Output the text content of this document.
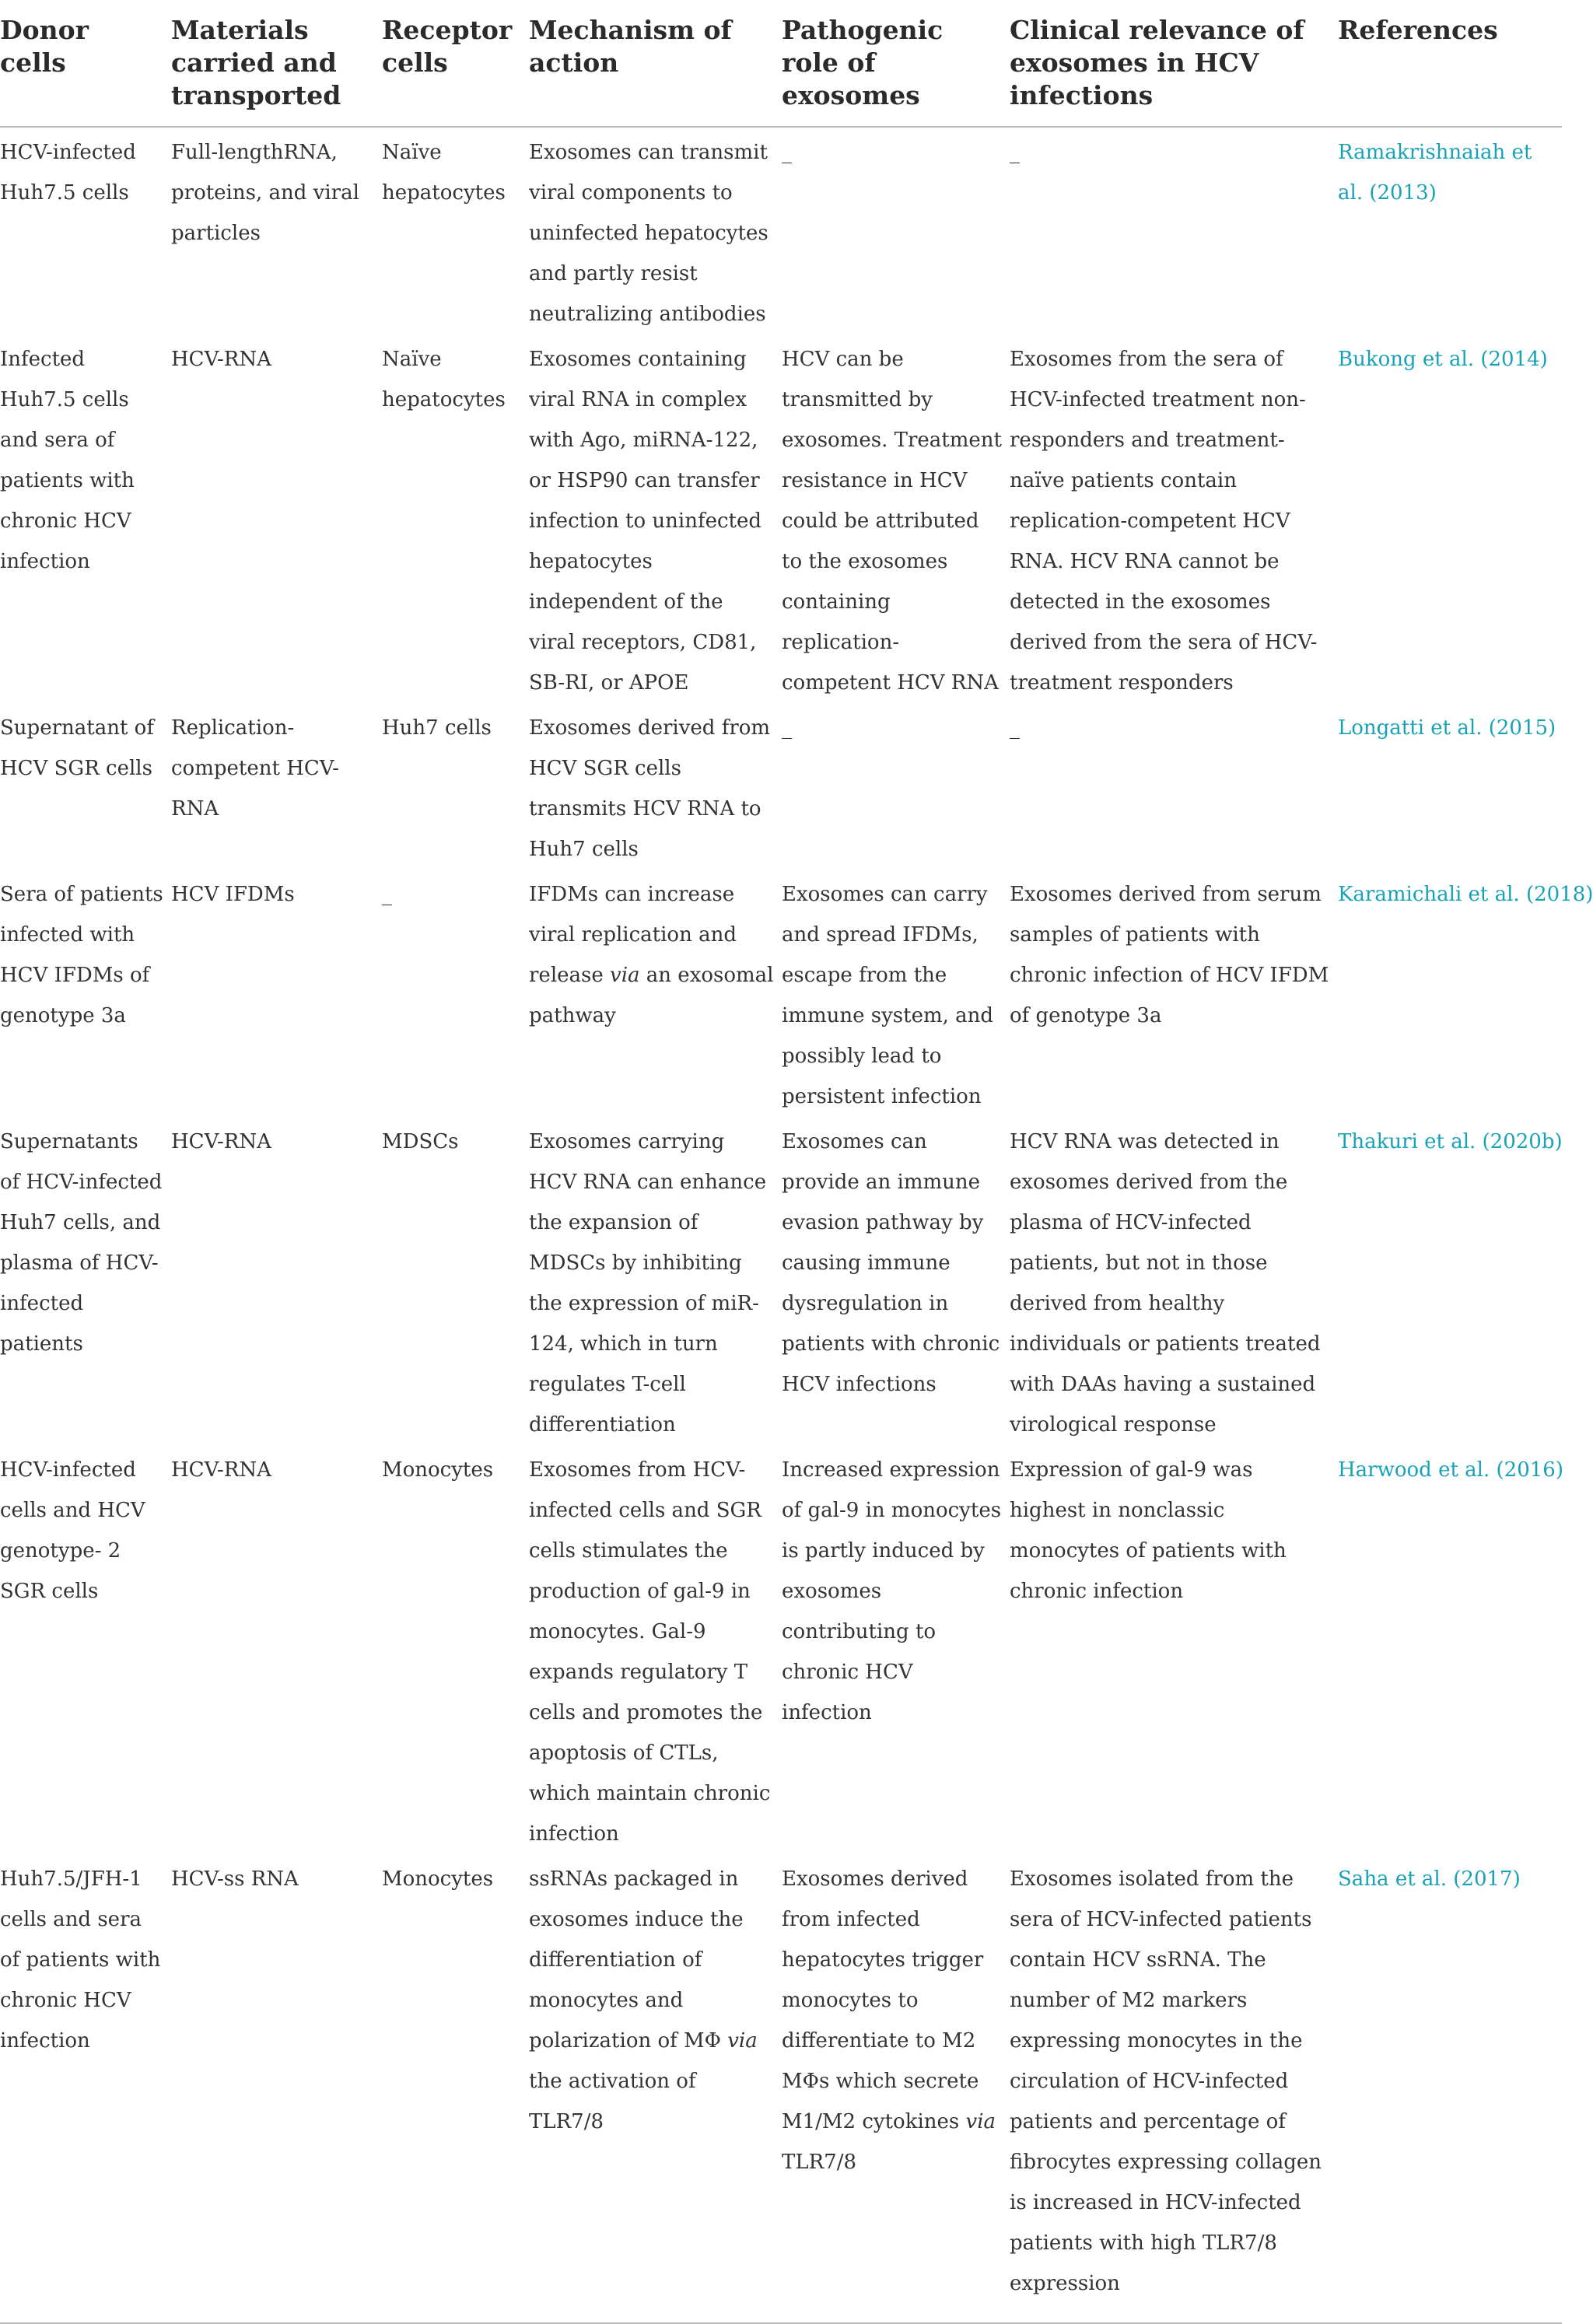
Donor cells	Materials carried and transported	Receptor cells	Mechanism of action	Pathogenic role of exosomes	Clinical relevance of exosomes in HCV infections	References
HCV-infected Huh7.5 cells	Full-lengthRNA, proteins, and viral particles	Naïve hepatocytes	Exosomes can transmit viral components to uninfected hepatocytes and partly resist neutralizing antibodies	_	_	Ramakrishnaiah et al. (2013)
Infected Huh7.5 cells and sera of patients with chronic HCV infection	HCV-RNA	Naïve hepatocytes	Exosomes containing viral RNA in complex with Ago, miRNA-122, or HSP90 can transfer infection to uninfected hepatocytes independent of the viral receptors, CD81, SB-RI, or APOE	HCV can be transmitted by exosomes. Treatment resistance in HCV could be attributed to the exosomes containing replication-competent HCV RNA	Exosomes from the sera of HCV-infected treatment non-responders and treatment-naïve patients contain replication-competent HCV RNA. HCV RNA cannot be detected in the exosomes derived from the sera of HCV-treatment responders	Bukong et al. (2014)
Supernatant of HCV SGR cells	Replication-competent HCV-RNA	Huh7 cells	Exosomes derived from HCV SGR cells transmits HCV RNA to Huh7 cells	_	_	Longatti et al. (2015)
Sera of patients infected with HCV IFDMs of genotype 3a	HCV IFDMs	_	IFDMs can increase viral replication and release via an exosomal pathway	Exosomes can carry and spread IFDMs, escape from the immune system, and possibly lead to persistent infection	Exosomes derived from serum samples of patients with chronic infection of HCV IFDM of genotype 3a	Karamichali et al. (2018)
Supernatants of HCV-infected Huh7 cells, and plasma of HCV-infected patients	HCV-RNA	MDSCs	Exosomes carrying HCV RNA can enhance the expansion of MDSCs by inhibiting the expression of miR-124, which in turn regulates T-cell differentiation	Exosomes can provide an immune evasion pathway by causing immune dysregulation in patients with chronic HCV infections	HCV RNA was detected in exosomes derived from the plasma of HCV-infected patients, but not in those derived from healthy individuals or patients treated with DAAs having a sustained virological response	Thakuri et al. (2020b)
HCV-infected cells and HCV genotype- 2 SGR cells	HCV-RNA	Monocytes	Exosomes from HCV-infected cells and SGR cells stimulates the production of gal-9 in monocytes. Gal-9 expands regulatory T cells and promotes the apoptosis of CTLs, which maintain chronic infection	Increased expression of gal-9 in monocytes is partly induced by exosomes contributing to chronic HCV infection	Expression of gal-9 was highest in nonclassic monocytes of patients with chronic infection	Harwood et al. (2016)
Huh7.5/JFH-1 cells and sera of patients with chronic HCV infection	HCV-ss RNA	Monocytes	ssRNAs packaged in exosomes induce the differentiation of monocytes and polarization of MΦ via the activation of TLR7/8	Exosomes derived from infected hepatocytes trigger monocytes to differentiate to M2 MΦs which secrete M1/M2 cytokines via TLR7/8	Exosomes isolated from the sera of HCV-infected patients contain HCV ssRNA. The number of M2 markers expressing monocytes in the circulation of HCV-infected patients and percentage of fibrocytes expressing collagen is increased in HCV-infected patients with high TLR7/8 expression	Saha et al. (2017)
